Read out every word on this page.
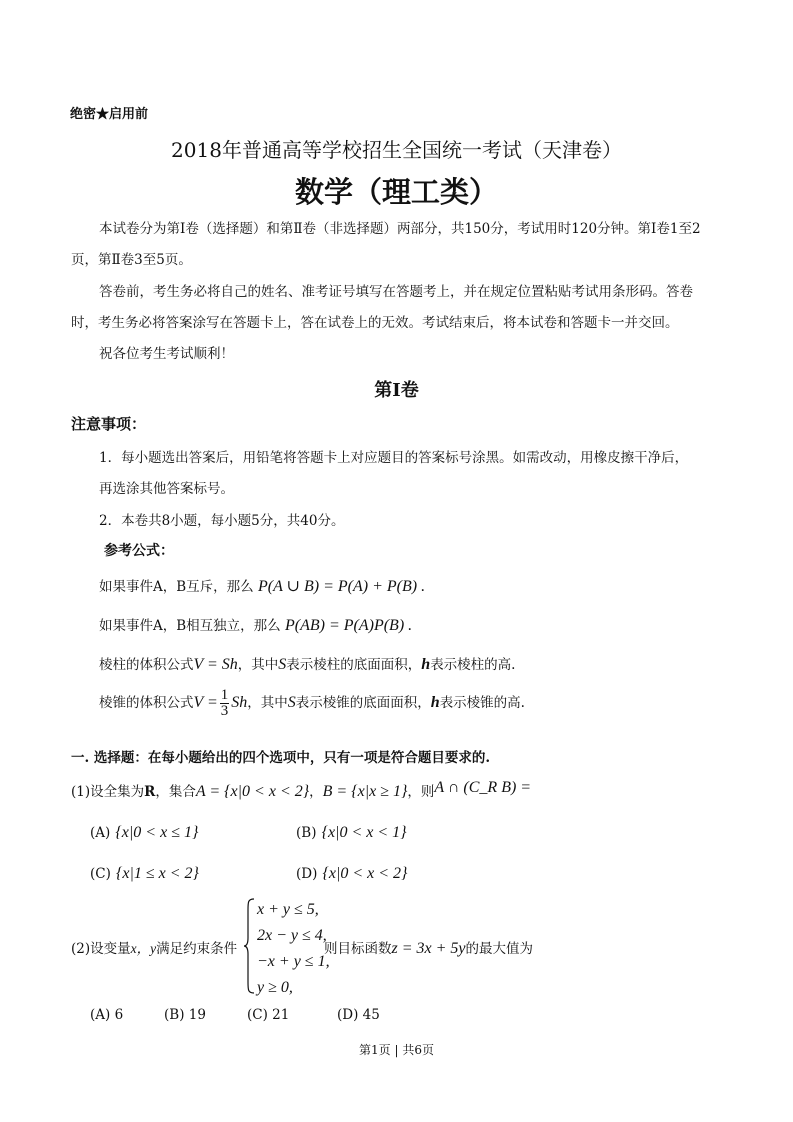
绝密★启用前
2018年普通高等学校招生全国统一考试（天津卷）
数学（理工类）
本试卷分为第Ⅰ卷（选择题）和第Ⅱ卷（非选择题）两部分，共150分，考试用时120分钟。第Ⅰ卷1至2
页，第Ⅱ卷3至5页。
答卷前，考生务必将自己的姓名、准考证号填写在答题考上，并在规定位置粘贴考试用条形码。答卷
时，考生务必将答案涂写在答题卡上，答在试卷上的无效。考试结束后，将本试卷和答题卡一并交回。
祝各位考生考试顺利！
第Ⅰ卷
注意事项：
1．每小题选出答案后，用铅笔将答题卡上对应题目的答案标号涂黑。如需改动，用橡皮擦干净后，
再选涂其他答案标号。
2．本卷共8小题，每小题5分，共40分。
参考公式：
如果事件A，B互斥，那么 P(A ∪ B) = P(A) + P(B) .
如果事件A，B相互独立，那么 P(AB) = P(A)P(B) .
棱柱的体积公式V = Sh，其中S表示棱柱的底面面积，h表示棱柱的高.
棱锥的体积公式$V = \frac{1}{3}$ Sh，其中S表示棱锥的底面面积，h表示棱锥的高.
一. 选择题：在每小题给出的四个选项中，只有一项是符合题目要求的.
(1)设全集为R，集合A = {x|0 < x < 2}，B = {x|x ≥ 1}，则A ∩ (C_R B) =
(A) {x|0 < x ≤ 1}	(B) {x|0 < x < 1}
(C) {x|1 ≤ x < 2}	(D) {x|0 < x < 2}
(2)设变量x，y满足约束条件
x + y ≤ 5,
2x − y ≤ 4,
−x + y ≤ 1,
y ≥ 0,
则目标函数z = 3x + 5y的最大值为
(A) 6	(B) 19	(C) 21	(D) 45
第1页 | 共6页
